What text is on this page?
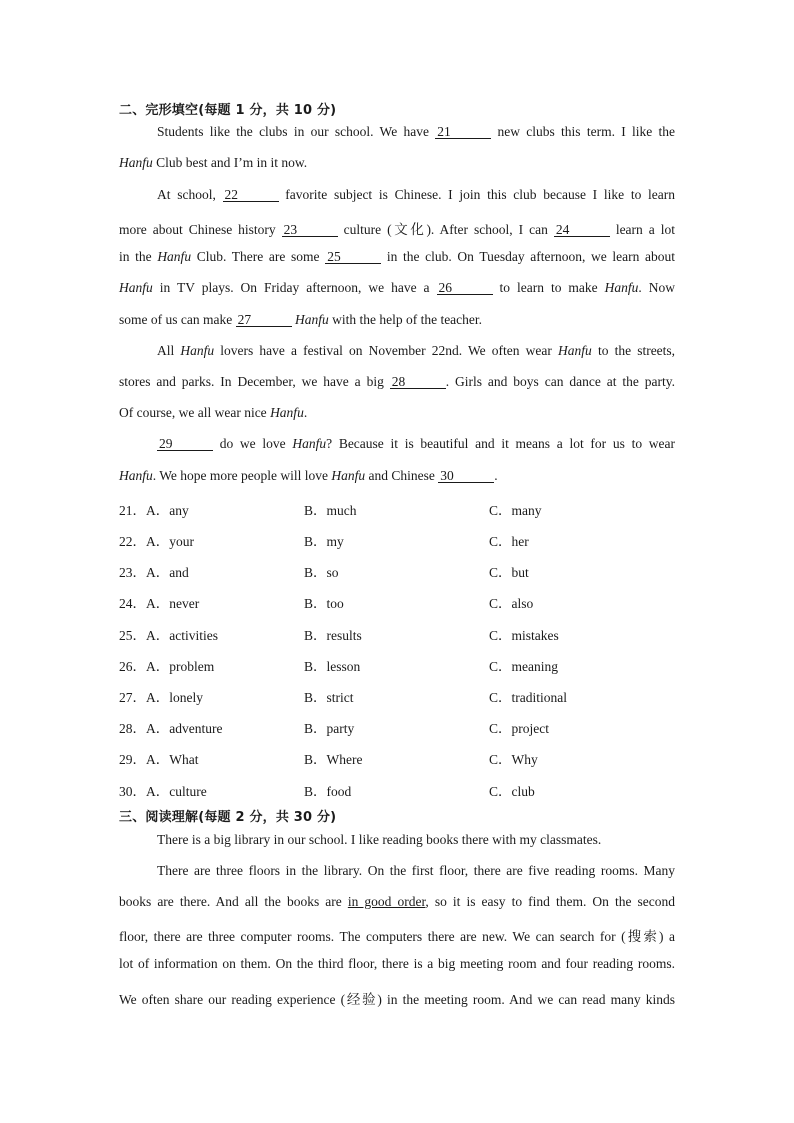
二、完形填空(每题 1 分，共 10 分)
Students like the clubs in our school. We have 21	new clubs this term. I like the
Hanfu Club best and I’m in it now.
At school, 22	favorite subject is Chinese. I join this club because I like to learn
more about Chinese history 23	culture (文化). After school, I can 24	learn a lot
in the Hanfu Club. There are some 25	in the club. On Tuesday afternoon, we learn about
Hanfu in TV plays. On Friday afternoon, we have a 26	to learn to make Hanfu. Now
some of us can make 27	Hanfu with the help of the teacher.
All Hanfu lovers have a festival on November 22nd. We often wear Hanfu to the streets,
stores and parks. In December, we have a big 28	. Girls and boys can dance at the party.
Of course, we all wear nice Hanfu.
29	do we love Hanfu? Because it is beautiful and it means a lot for us to wear
Hanfu. We hope more people will love Hanfu and Chinese 30	.
21．A．any	B．much	C．many
22．A．your	B．my	C．her
23．A．and	B．so	C．but
24．A．never	B．too	C．also
25．A．activities	B．results	C．mistakes
26．A．problem	B．lesson	C．meaning
27．A．lonely	B．strict	C．traditional
28．A．adventure	B．party	C．project
29．A．What	B．Where	C．Why
30．A．culture	B．food	C．club
三、阅读理解(每题 2 分，共 30 分)
There is a big library in our school. I like reading books there with my classmates.
There are three floors in the library. On the first floor, there are five reading rooms. Many
books are there. And all the books are in good order, so it is easy to find them. On the second
floor, there are three computer rooms. The computers there are new. We can search for (搜索) a
lot of information on them. On the third floor, there is a big meeting room and four reading rooms.
We often share our reading experience (经验) in the meeting room. And we can read many kinds
